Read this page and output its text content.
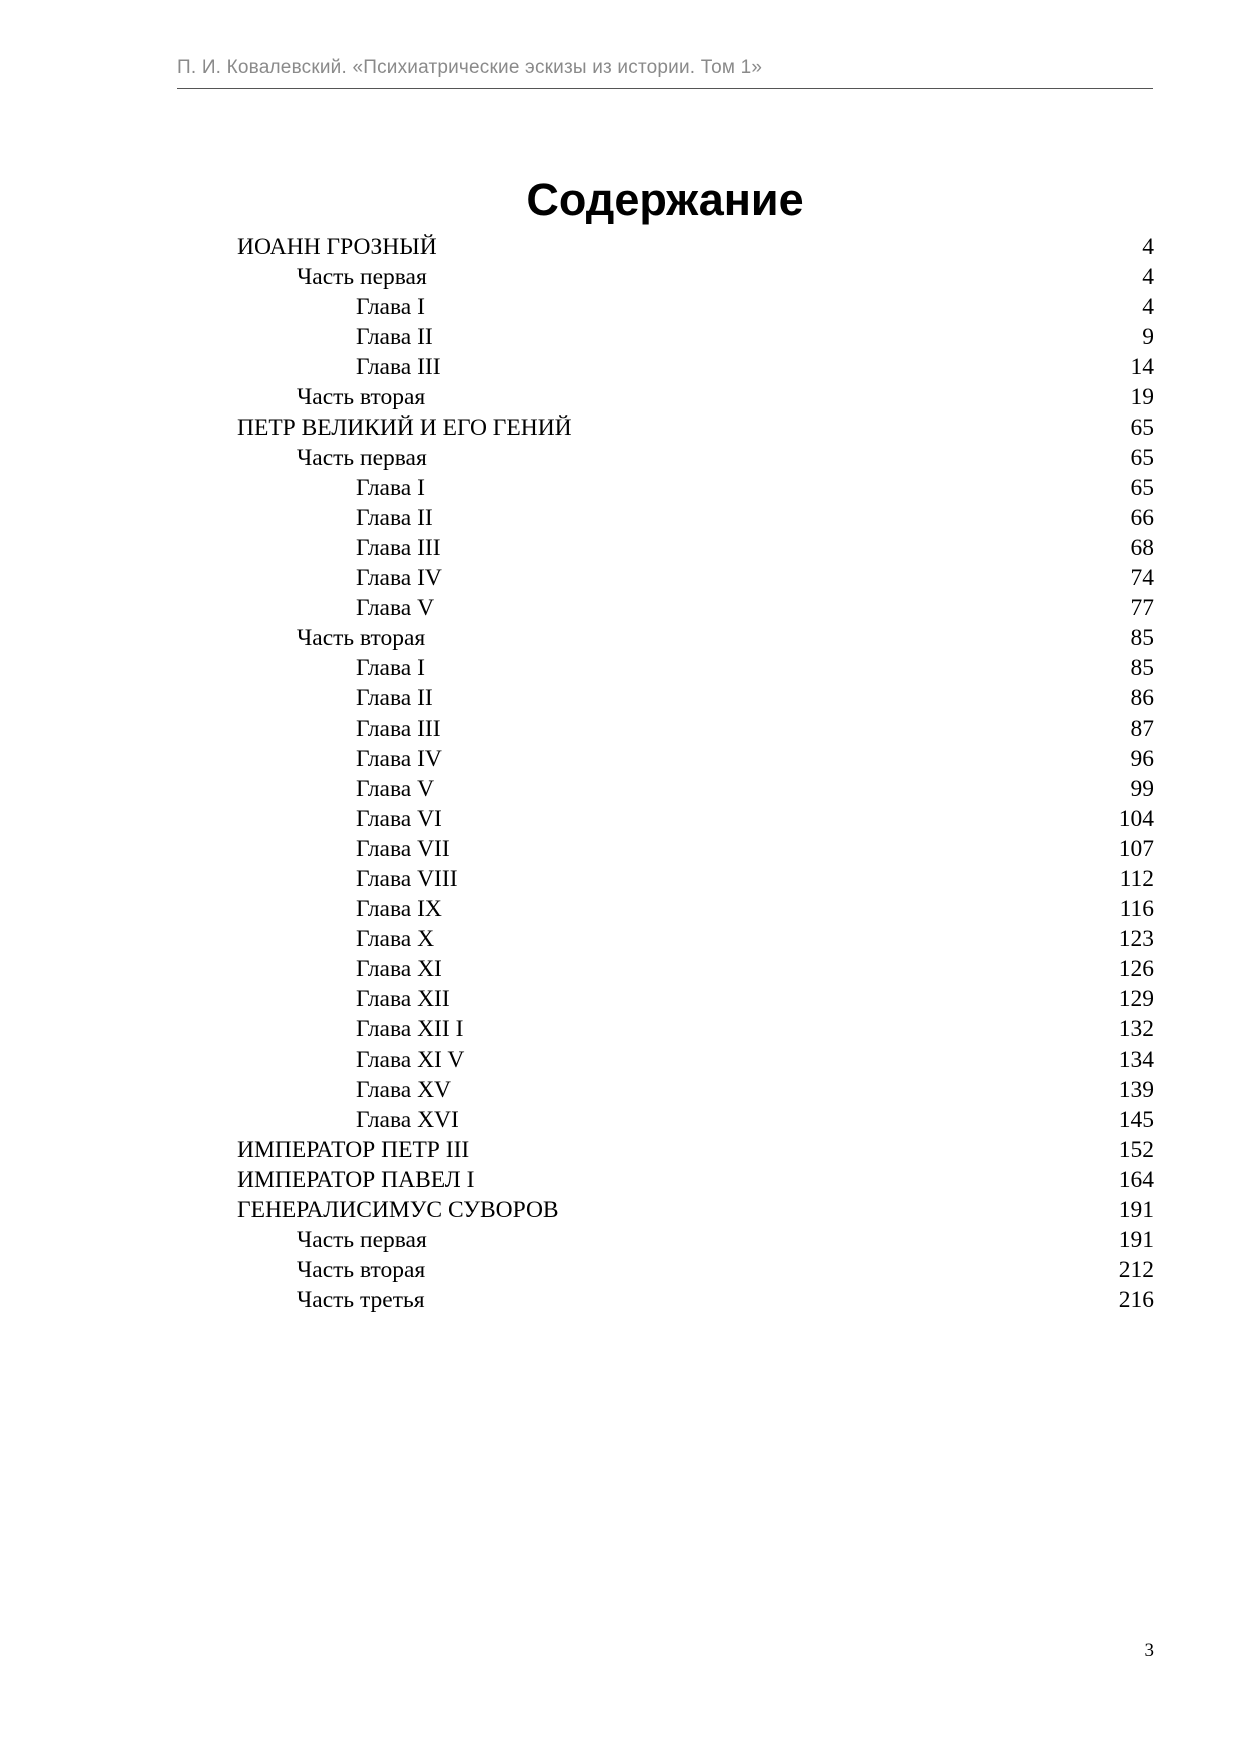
П. И. Ковалевский. «Психиатрические эскизы из истории. Том 1»
Содержание
ИОАНН ГРОЗНЫЙ	4
Часть первая	4
Глава I	4
Глава II	9
Глава III	14
Часть вторая	19
ПЕТР ВЕЛИКИЙ И ЕГО ГЕНИЙ	65
Часть первая	65
Глава I	65
Глава II	66
Глава III	68
Глава IV	74
Глава V	77
Часть вторая	85
Глава I	85
Глава II	86
Глава III	87
Глава IV	96
Глава V	99
Глава VI	104
Глава VII	107
Глава VIII	112
Глава IX	116
Глава X	123
Глава XI	126
Глава XII	129
Глава XII I	132
Глава XI V	134
Глава XV	139
Глава XVI	145
ИМПЕРАТОР ПЕТР III	152
ИМПЕРАТОР ПАВЕЛ I	164
ГЕНЕРАЛИСИМУС СУВОРОВ	191
Часть первая	191
Часть вторая	212
Часть третья	216
3
